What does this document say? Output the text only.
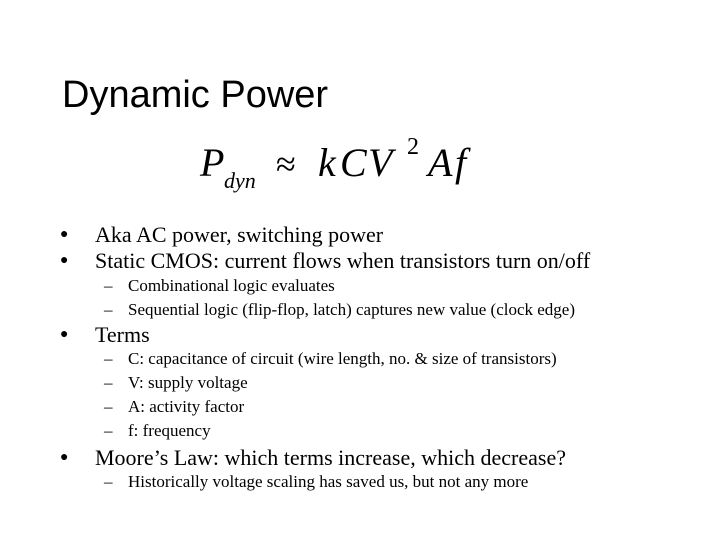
Dynamic Power
P dyn ≈ k C V 2 A f
● Aka AC power, switching power
● Static CMOS: current flows when transistors turn on/off
– Combinational logic evaluates
– Sequential logic (flip-flop, latch) captures new value (clock edge)
● Terms
– C: capacitance of circuit (wire length, no. & size of transistors)
– V: supply voltage
– A: activity factor
– f: frequency
● Moore’s Law: which terms increase, which decrease?
– Historically voltage scaling has saved us, but not any more
